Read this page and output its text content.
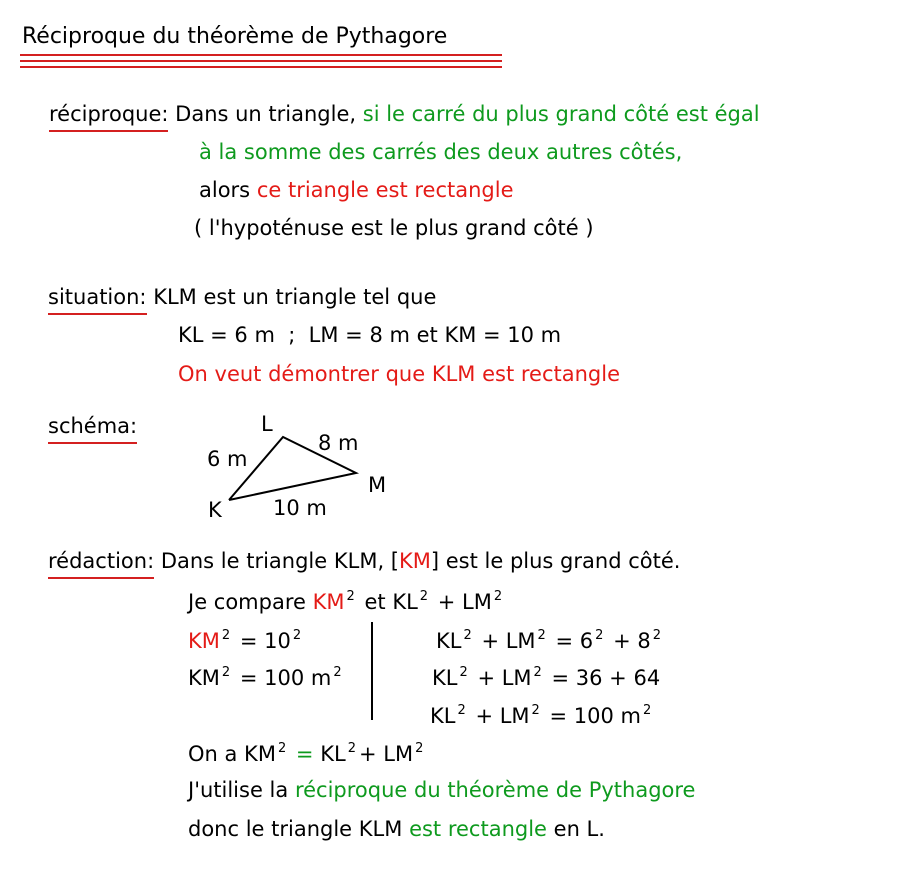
Réciproque du théorème de Pythagore
réciproque: Dans un triangle, si le carré du plus grand côté est égal
à la somme des carrés des deux autres côtés,
alors ce triangle est rectangle
( l'hypoténuse est le plus grand côté )
situation: KLM est un triangle tel que
KL = 6 m  ;  LM = 8 m et KM = 10 m
On veut démontrer que KLM est rectangle
schéma:
K
L
M
6 m
8 m
10 m
rédaction: Dans le triangle KLM, [KM] est le plus grand côté.
Je compare KM $^2$ et KL $^2$ + LM $^2$
KM $^2$ = 10 $^2$
KM $^2$ = 100 m $^2$
KL $^2$ + LM $^2$ = 6 $^2$ + 8 $^2$
KL $^2$ + LM $^2$ = 36 + 64
KL $^2$ + LM $^2$ = 100 m $^2$
On a KM $^2$ = KL $^2$ + LM $^2$
J'utilise la réciproque du théorème de Pythagore
donc le triangle KLM est rectangle en L.
